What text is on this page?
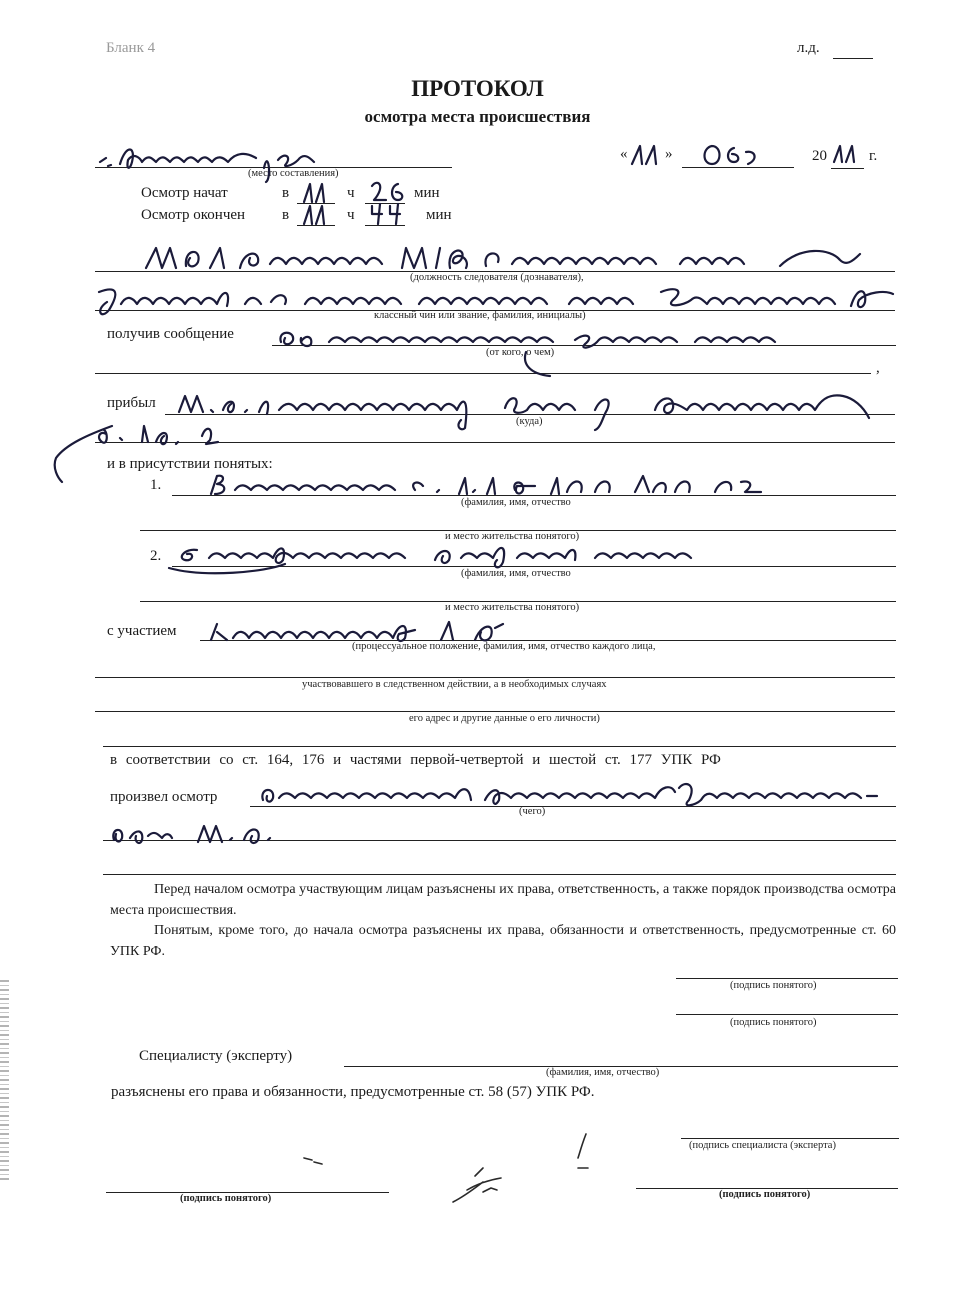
Бланк 4	л.д.
ПРОТОКОЛ
осмотра места происшествия
(место составления)
«	»	20	г.
Осмотр начат	в	ч	мин
Осмотр окончен в	ч	мин
(должность следователя (дознавателя),
классный чин или звание, фамилия, инициалы)
получив сообщение
(от кого, о чем)
,
прибыл
(куда)
и в присутствии понятых:
1.
(фамилия, имя, отчество
и место жительства понятого)
2.
(фамилия, имя, отчество
и место жительства понятого)
с участием
(процессуальное положение, фамилия, имя, отчество каждого лица,
участвовавшего в следственном действии, а в необходимых случаях
его адрес и другие данные о его личности)
в соответствии со ст. 164, 176 и частями первой-четвертой и шестой ст. 177 УПК РФ
произвел осмотр
(чего)
Перед началом осмотра участвующим лицам разъяснены их права, ответственность, а также порядок производства осмотра места происшествия.
Понятым, кроме того, до начала осмотра разъяснены их права, обязанности и ответственность, предусмотренные ст. 60 УПК РФ.
(подпись понятого)
(подпись понятого)
Специалисту (эксперту)
(фамилия, имя, отчество)
разъяснены его права и обязанности, предусмотренные ст. 58 (57) УПК РФ.
(подпись специалиста (эксперта)
(подпись понятого)	(подпись понятого)
